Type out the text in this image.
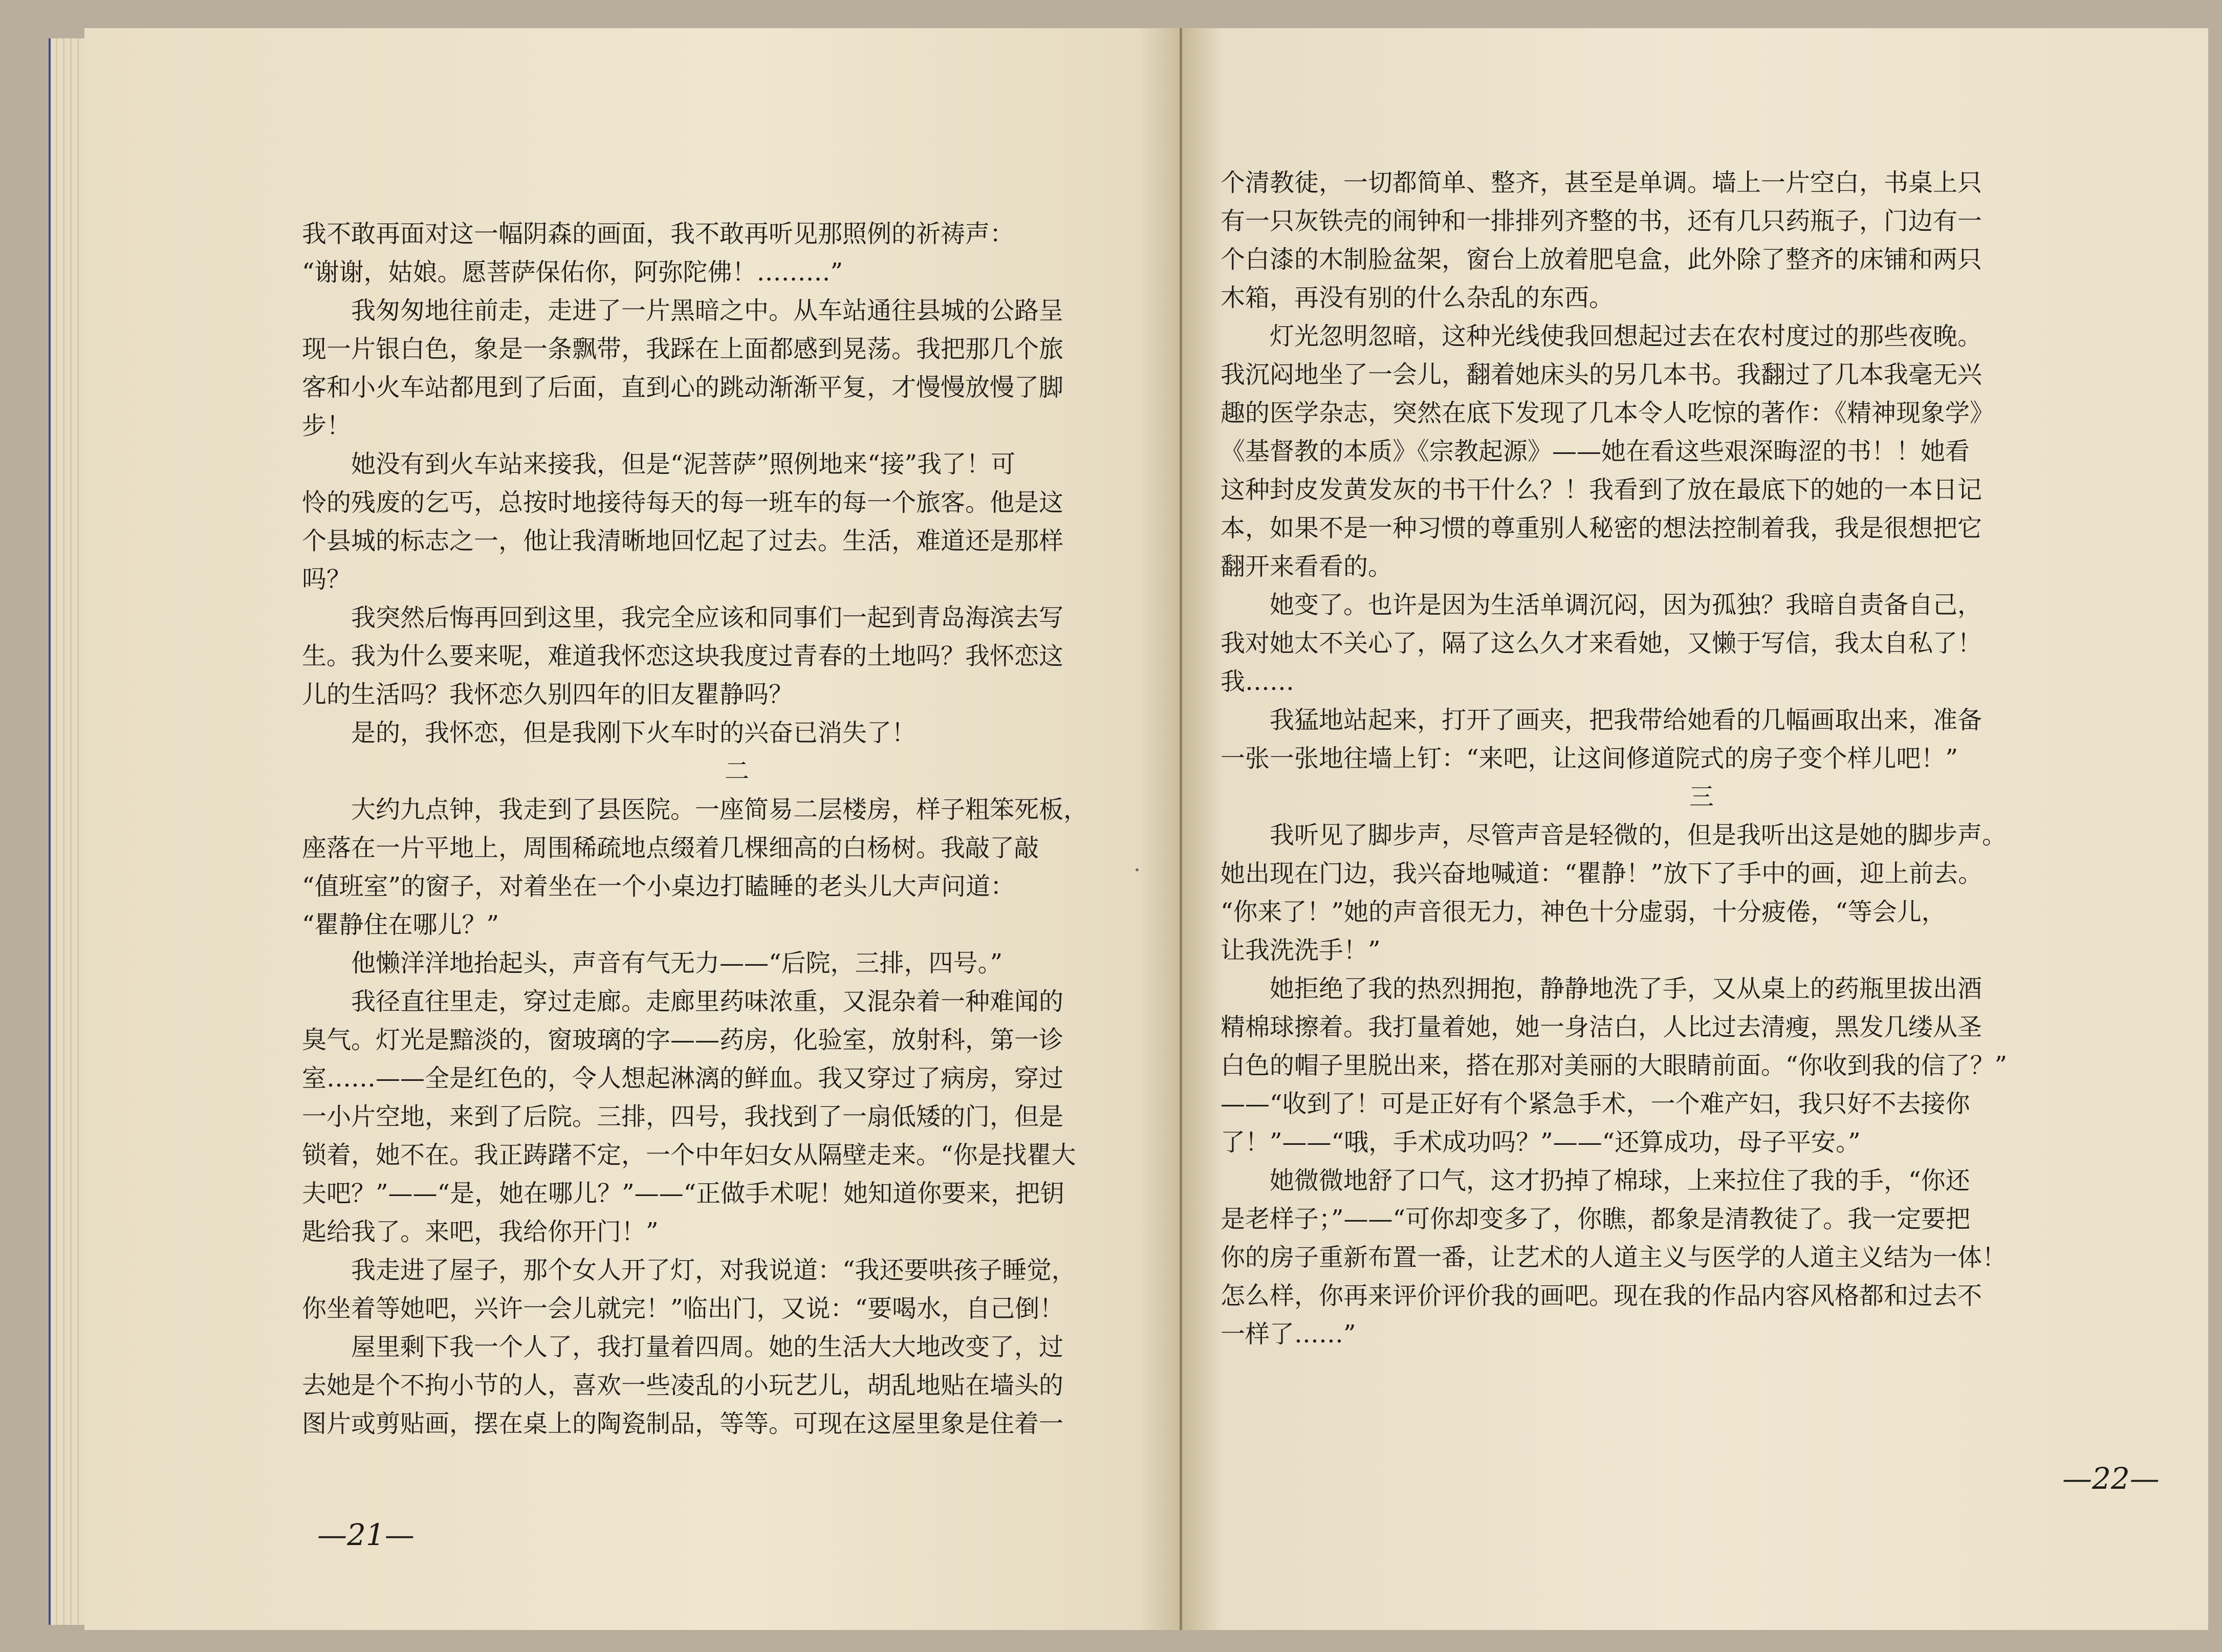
我不敢再面对这一幅阴森的画面，我不敢再听见那照例的祈祷声：

“谢谢，姑娘。愿菩萨保佑你，阿弥陀佛！………”

我匆匆地往前走，走进了一片黑暗之中。从车站通往县城的公路呈

现一片银白色，象是一条飘带，我踩在上面都感到晃荡。我把那几个旅

客和小火车站都甩到了后面，直到心的跳动渐渐平复，才慢慢放慢了脚

步！

她没有到火车站来接我，但是“泥菩萨”照例地来“接”我了！可

怜的残废的乞丐，总按时地接待每天的每一班车的每一个旅客。他是这

个县城的标志之一，他让我清晰地回忆起了过去。生活，难道还是那样

吗？

我突然后悔再回到这里，我完全应该和同事们一起到青岛海滨去写

生。我为什么要来呢，难道我怀恋这块我度过青春的土地吗？我怀恋这

儿的生活吗？我怀恋久别四年的旧友瞿静吗？

是的，我怀恋，但是我刚下火车时的兴奋已消失了！

二

大约九点钟，我走到了县医院。一座简易二层楼房，样子粗笨死板，

座落在一片平地上，周围稀疏地点缀着几棵细高的白杨树。我敲了敲

“值班室”的窗子，对着坐在一个小桌边打瞌睡的老头儿大声问道：

“瞿静住在哪儿？”

他懒洋洋地抬起头，声音有气无力——“后院，三排，四号。”

我径直往里走，穿过走廊。走廊里药味浓重，又混杂着一种难闻的

臭气。灯光是黯淡的，窗玻璃的字——药房，化验室，放射科，第一诊

室……——全是红色的，令人想起淋漓的鲜血。我又穿过了病房，穿过

一小片空地，来到了后院。三排，四号，我找到了一扇低矮的门，但是

锁着，她不在。我正踌躇不定，一个中年妇女从隔壁走来。“你是找瞿大

夫吧？”——“是，她在哪儿？”——“正做手术呢！她知道你要来，把钥

匙给我了。来吧，我给你开门！”

我走进了屋子，那个女人开了灯，对我说道：“我还要哄孩子睡觉，

你坐着等她吧，兴许一会儿就完！”临出门，又说：“要喝水，自己倒！

屋里剩下我一个人了，我打量着四周。她的生活大大地改变了，过

去她是个不拘小节的人，喜欢一些凌乱的小玩艺儿，胡乱地贴在墙头的

图片或剪贴画，摆在桌上的陶瓷制品，等等。可现在这屋里象是住着一

—21—
·

个清教徒，一切都简单、整齐，甚至是单调。墙上一片空白，书桌上只

有一只灰铁壳的闹钟和一排排列齐整的书，还有几只药瓶子，门边有一

个白漆的木制脸盆架，窗台上放着肥皂盒，此外除了整齐的床铺和两只

木箱，再没有别的什么杂乱的东西。

灯光忽明忽暗，这种光线使我回想起过去在农村度过的那些夜晚。

我沉闷地坐了一会儿，翻着她床头的另几本书。我翻过了几本我毫无兴

趣的医学杂志，突然在底下发现了几本令人吃惊的著作：《精神现象学》

《基督教的本质》《宗教起源》——她在看这些艰深晦涩的书！！她看

这种封皮发黄发灰的书干什么？！我看到了放在最底下的她的一本日记

本，如果不是一种习惯的尊重别人秘密的想法控制着我，我是很想把它

翻开来看看的。

她变了。也许是因为生活单调沉闷，因为孤独？我暗自责备自己，

我对她太不关心了，隔了这么久才来看她，又懒于写信，我太自私了！

我……

我猛地站起来，打开了画夹，把我带给她看的几幅画取出来，准备

一张一张地往墙上钉：“来吧，让这间修道院式的房子变个样儿吧！”

三

我听见了脚步声，尽管声音是轻微的，但是我听出这是她的脚步声。

她出现在门边，我兴奋地喊道：“瞿静！”放下了手中的画，迎上前去。

“你来了！”她的声音很无力，神色十分虚弱，十分疲倦，“等会儿，

让我洗洗手！”

她拒绝了我的热烈拥抱，静静地洗了手，又从桌上的药瓶里拔出酒

精棉球擦着。我打量着她，她一身洁白，人比过去清瘦，黑发几缕从圣

白色的帽子里脱出来，搭在那对美丽的大眼睛前面。“你收到我的信了？”

——“收到了！可是正好有个紧急手术，一个难产妇，我只好不去接你

了！”——“哦，手术成功吗？”——“还算成功，母子平安。”

她微微地舒了口气，这才扔掉了棉球，上来拉住了我的手，“你还

是老样子；”——“可你却变多了，你瞧，都象是清教徒了。我一定要把

你的房子重新布置一番，让艺术的人道主义与医学的人道主义结为一体！

怎么样，你再来评价评价我的画吧。现在我的作品内容风格都和过去不

一样了……”

—22—
